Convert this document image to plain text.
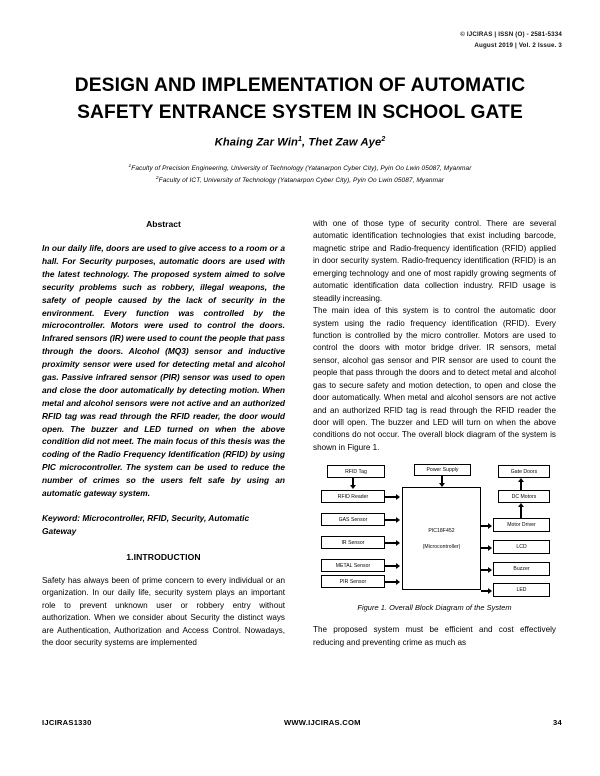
© IJCIRAS | ISSN (O) - 2581-5334
August 2019 | Vol. 2 Issue. 3
DESIGN AND IMPLEMENTATION OF AUTOMATIC SAFETY ENTRANCE SYSTEM IN SCHOOL GATE
Khaing Zar Win$^1$, Thet Zaw Aye$^2$
$^1$Faculty of Precision Engineering, University of Technology (Yatanarpon Cyber City), Pyin Oo Lwin 05087, Myanmar
$^2$Faculty of ICT, University of Technology (Yatanarpon Cyber City), Pyin Oo Lwin 05087, Myanmar
Abstract

In our daily life, doors are used to give access to a room or a hall. For Security purposes, automatic doors are used with the latest technology. The proposed system aimed to solve security problems such as robbery, illegal weapons, the safety of people caused by the lack of security in the environment. Every function was controlled by the microcontroller. Motors were used to control the doors. Infrared sensors (IR) were used to count the people that pass through the doors. Alcohol (MQ3) sensor and inductive proximity sensor were used for detecting metal and alcohol gas. Passive infrared sensor (PIR) sensor was used to open and close the door automatically by detecting motion. When metal and alcohol sensors were not active and an authorized RFID tag was read through the RFID reader, the door would open. The buzzer and LED turned on when the above condition did not meet. The main focus of this thesis was the coding of the Radio Frequency Identification (RFID) by using PIC microcontroller. The system can be used to reduce the number of crimes so the users felt safe by using an automatic gateway system.

Keyword: Microcontroller, RFID, Security, Automatic Gateway

1.INTRODUCTION

Safety has always been of prime concern to every individual or an organization. In our daily life, security system plays an important role to prevent unknown user or robbery entry without authorization. When we consider about Security the distinct ways are Authentication, Authorization and Access Control. Nowadays, the door security systems are implemented

with one of those type of security control. There are several automatic identification technologies that exist including barcode, magnetic stripe and Radio-frequency identification (RFID) applied in door security system. Radio-frequency identification (RFID) is an emerging technology and one of most rapidly growing segments of automatic identification data collection industry. RFID usage is steadily increasing.

The main idea of this system is to control the automatic door system using the radio frequency identification (RFID). Every function is controlled by the micro controller. Motors are used to control the doors with motor bridge driver. IR sensors, metal sensor, alcohol gas sensor and PIR sensor are used to count the people that pass through the doors and to detect metal and alcohol gas to secure safety and motion detection, to open and close the door automatically. When metal and alcohol sensors are not active and an authorized RFID tag is read through the RFID reader the door will open. The buzzer and LED will turn on when the above conditions do not occur. The overall block diagram of the system is shown in Figure 1.

RFID Tag
RFID Reader
GAS Sensor
IR Sensor
METAL Sensor
PIR Sensor
Power Supply
PIC18F452
(Microcontroller)
Gate Doors
DC Motors
Motor Driver
LCD
Buzzer
LED
Figure 1. Overall Block Diagram of the System

The proposed system must be efficient and cost effectively reducing and preventing crime as much as

IJCIRAS1330	WWW.IJCIRAS.COM	34
